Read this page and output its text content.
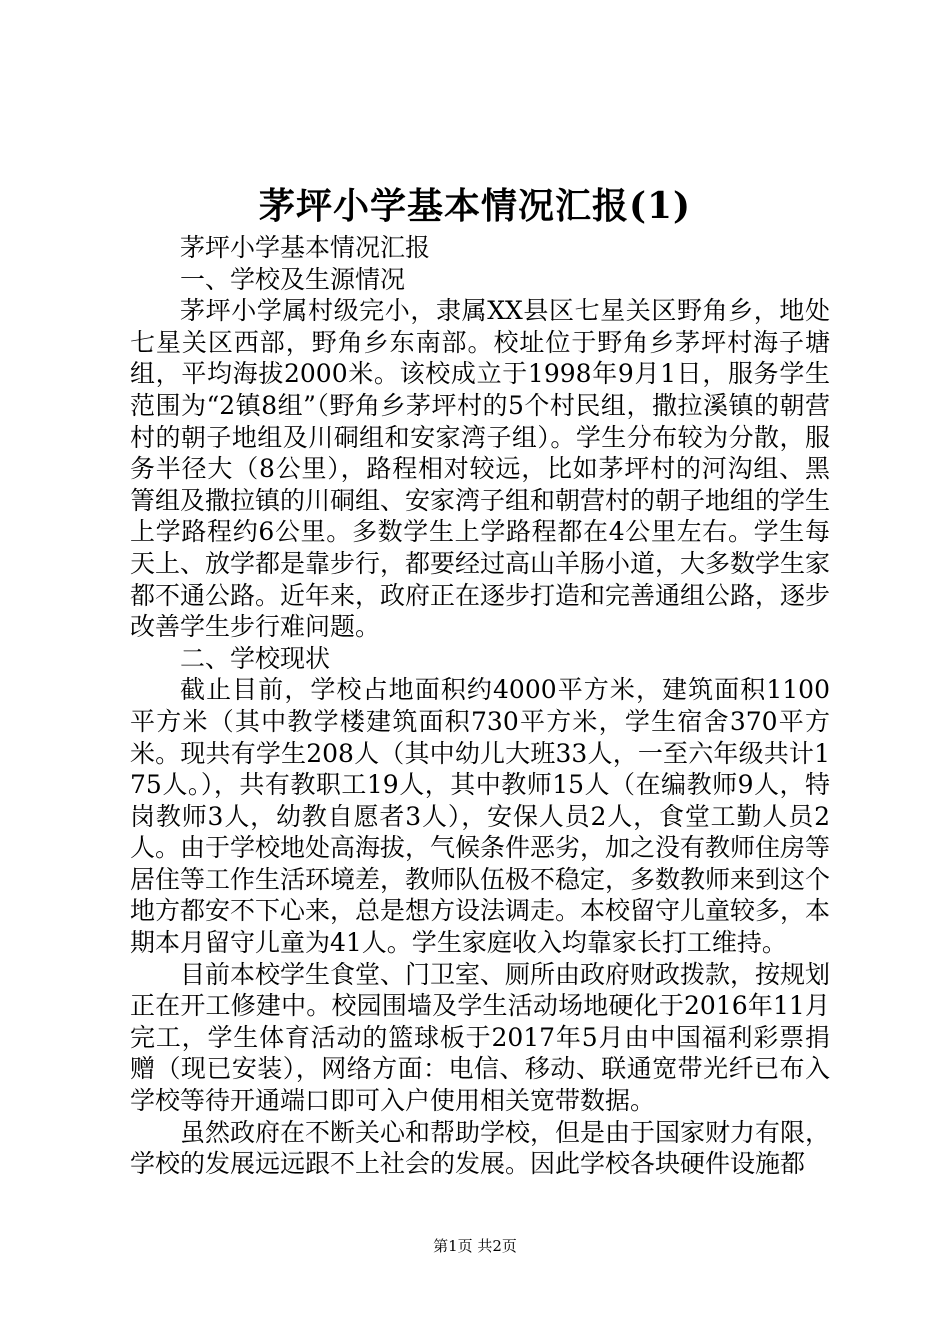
茅坪小学基本情况汇报(1)

茅坪小学基本情况汇报

一、学校及生源情况

茅坪小学属村级完小，隶属XX县区七星关区野角乡，地处七星关区西部，野角乡东南部。校址位于野角乡茅坪村海子塘组，平均海拔2000米。该校成立于1998年9月1日，服务学生范围为“2镇8组”（野角乡茅坪村的5个村民组，撒拉溪镇的朝营村的朝子地组及川硐组和安家湾子组）。学生分布较为分散，服务半径大（8公里），路程相对较远，比如茅坪村的河沟组、黑箐组及撒拉镇的川硐组、安家湾子组和朝营村的朝子地组的学生上学路程约6公里。多数学生上学路程都在4公里左右。学生每天上、放学都是靠步行，都要经过高山羊肠小道，大多数学生家都不通公路。近年来，政府正在逐步打造和完善通组公路，逐步改善学生步行难问题。

二、学校现状

截止目前，学校占地面积约4000平方米，建筑面积1100平方米（其中教学楼建筑面积730平方米，学生宿舍370平方米。现共有学生208人（其中幼儿大班33人，一至六年级共计175人。），共有教职工19人，其中教师15人（在编教师9人，特岗教师3人，幼教自愿者3人），安保人员2人，食堂工勤人员2人。由于学校地处高海拔，气候条件恶劣，加之没有教师住房等居住等工作生活环境差，教师队伍极不稳定，多数教师来到这个地方都安不下心来，总是想方设法调走。本校留守儿童较多，本期本月留守儿童为41人。学生家庭收入均靠家长打工维持。

目前本校学生食堂、门卫室、厕所由政府财政拨款，按规划正在开工修建中。校园围墙及学生活动场地硬化于2016年11月完工，学生体育活动的篮球板于2017年5月由中国福利彩票捐赠（现已安装），网络方面：电信、移动、联通宽带光纤已布入学校等待开通端口即可入户使用相关宽带数据。

虽然政府在不断关心和帮助学校，但是由于国家财力有限，学校的发展远远跟不上社会的发展。因此学校各块硬件设施都

第1页 共2页
